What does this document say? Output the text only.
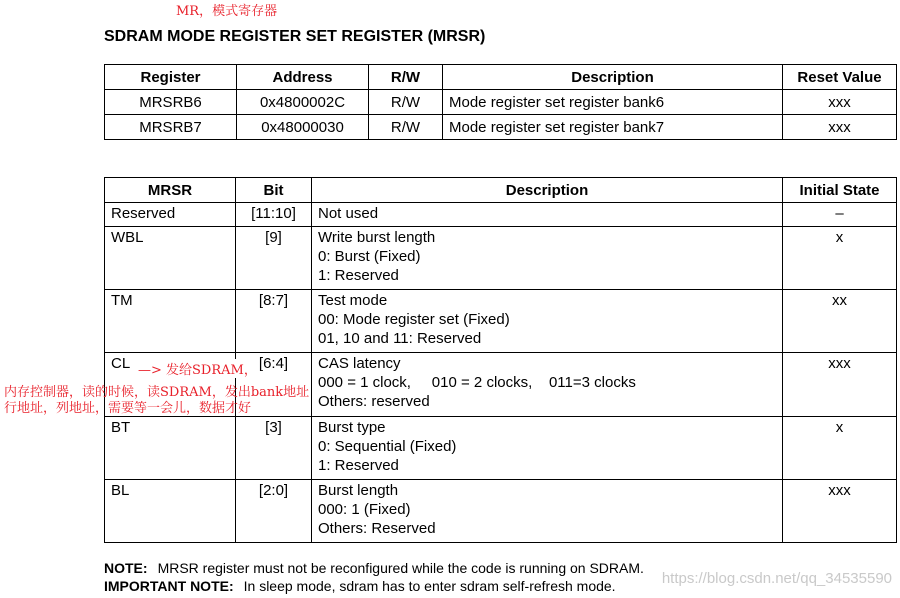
MR，模式寄存器
SDRAM MODE REGISTER SET REGISTER (MRSR)
Register	Address	R/W	Description	Reset Value
MRSRB6	0x4800002C	R/W	Mode register set register bank6	xxx
MRSRB7	0x48000030	R/W	Mode register set register bank7	xxx
MRSR	Bit	Description	Initial State
Reserved	[11:10]	Not used	–
WBL	[9]	Write burst length
0: Burst (Fixed)
1: Reserved	x
TM	[8:7]	Test mode
00: Mode register set (Fixed)
01, 10 and 11: Reserved	xx
CL	[6:4]	CAS latency
000 = 1 clock,     010 = 2 clocks,    011=3 clocks
Others: reserved	xxx
BT	[3]	Burst type
0: Sequential (Fixed)
1: Reserved	x
BL	[2:0]	Burst length
000: 1 (Fixed)
Others: Reserved	xxx
—> 发给SDRAM，
内存控制器，读的时候，读SDRAM，发出bank地址
行地址，列地址，需要等一会儿，数据才好
NOTE: MRSR register must not be reconfigured while the code is running on SDRAM.
IMPORTANT NOTE: In sleep mode, sdram has to enter sdram self-refresh mode.	https://blog.csdn.net/qq_34535590
